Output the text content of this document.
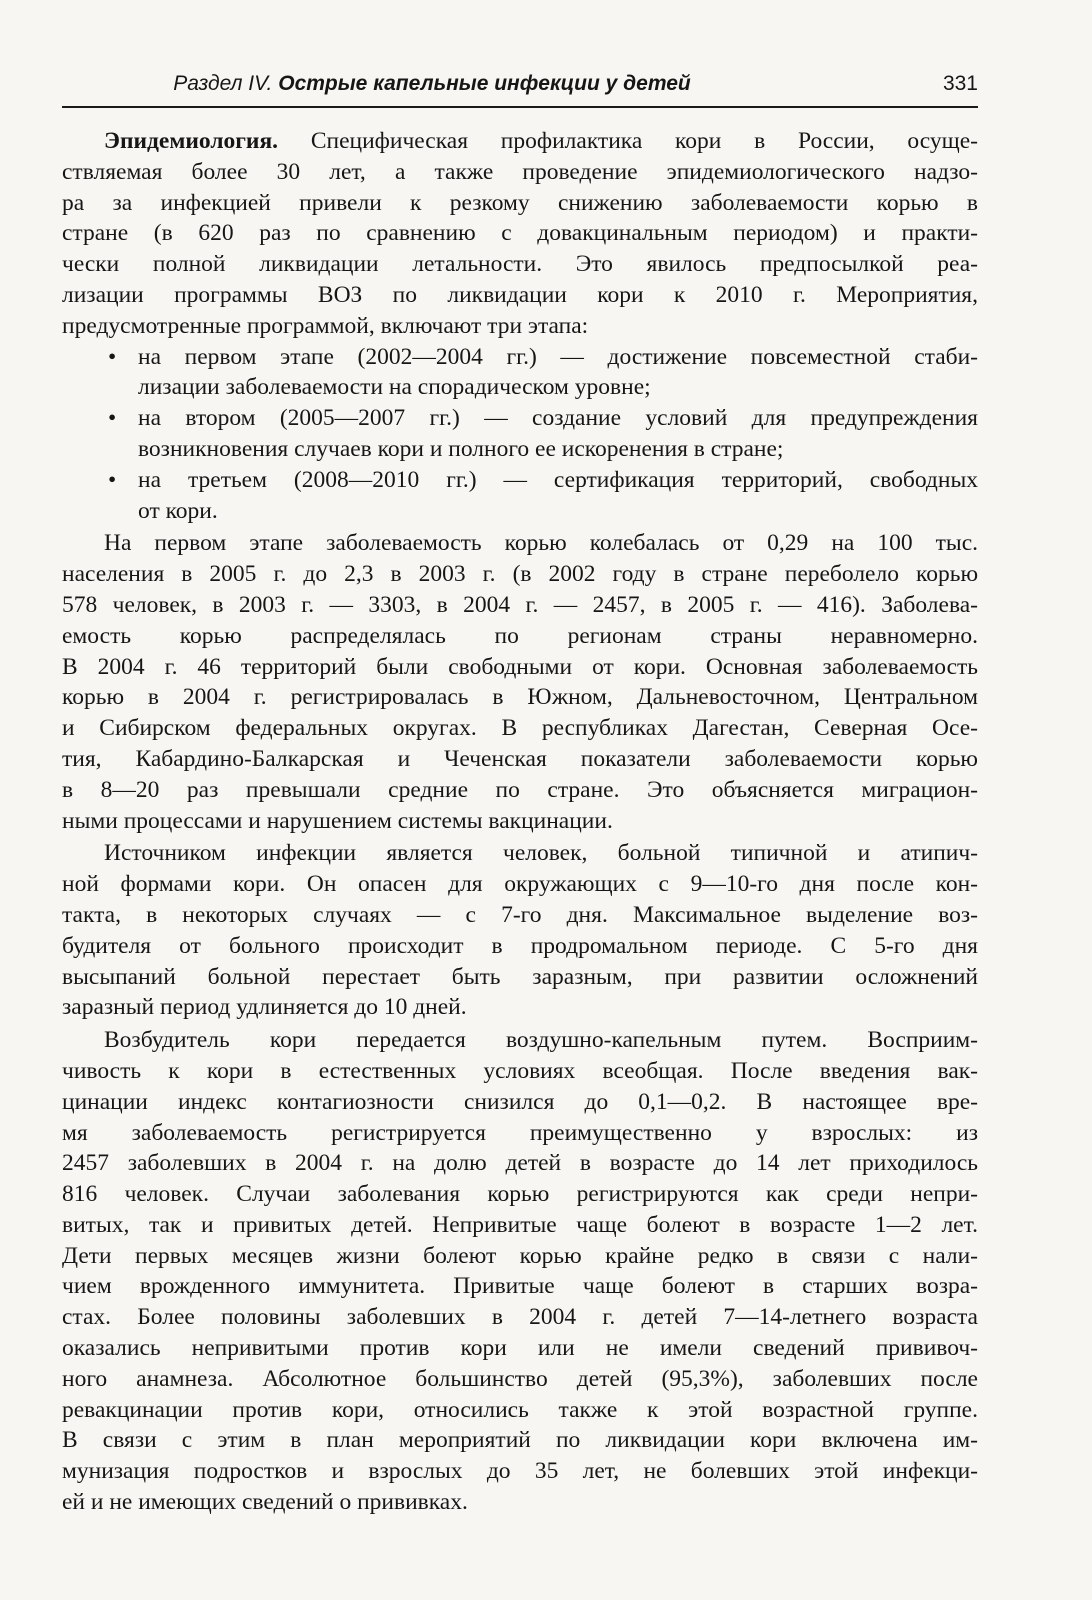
Раздел IV. Острые капельные инфекции у детей	331
Эпидемиология. Специфическая профилактика кори в России, осуще-
ствляемая более 30 лет, а также проведение эпидемиологического надзо-
ра за инфекцией привели к резкому снижению заболеваемости корью в
стране (в 620 раз по сравнению с довакцинальным периодом) и практи-
чески полной ликвидации летальности. Это явилось предпосылкой реа-
лизации программы ВОЗ по ликвидации кори к 2010 г. Мероприятия,
предусмотренные программой, включают три этапа:
• на первом этапе (2002—2004 гг.) — достижение повсеместной стаби-
лизации заболеваемости на спорадическом уровне;
• на втором (2005—2007 гг.) — создание условий для предупреждения
возникновения случаев кори и полного ее искоренения в стране;
• на третьем (2008—2010 гг.) — сертификация территорий, свободных
от кори.
На первом этапе заболеваемость корью колебалась от 0,29 на 100 тыс.
населения в 2005 г. до 2,3 в 2003 г. (в 2002 году в стране переболело корью
578 человек, в 2003 г. — 3303, в 2004 г. — 2457, в 2005 г. — 416). Заболева-
емость корью распределялась по регионам страны неравномерно.
В 2004 г. 46 территорий были свободными от кори. Основная заболеваемость
корью в 2004 г. регистрировалась в Южном, Дальневосточном, Центральном
и Сибирском федеральных округах. В республиках Дагестан, Северная Осе-
тия, Кабардино-Балкарская и Чеченская показатели заболеваемости корью
в 8—20 раз превышали средние по стране. Это объясняется миграцион-
ными процессами и нарушением системы вакцинации.
Источником инфекции является человек, больной типичной и атипич-
ной формами кори. Он опасен для окружающих с 9—10-го дня после кон-
такта, в некоторых случаях — с 7-го дня. Максимальное выделение воз-
будителя от больного происходит в продромальном периоде. С 5-го дня
высыпаний больной перестает быть заразным, при развитии осложнений
заразный период удлиняется до 10 дней.
Возбудитель кори передается воздушно-капельным путем. Восприим-
чивость к кори в естественных условиях всеобщая. После введения вак-
цинации индекс контагиозности снизился до 0,1—0,2. В настоящее вре-
мя заболеваемость регистрируется преимущественно у взрослых: из
2457 заболевших в 2004 г. на долю детей в возрасте до 14 лет приходилось
816 человек. Случаи заболевания корью регистрируются как среди непри-
витых, так и привитых детей. Непривитые чаще болеют в возрасте 1—2 лет.
Дети первых месяцев жизни болеют корью крайне редко в связи с нали-
чием врожденного иммунитета. Привитые чаще болеют в старших возра-
стах. Более половины заболевших в 2004 г. детей 7—14-летнего возраста
оказались непривитыми против кори или не имели сведений прививоч-
ного анамнеза. Абсолютное большинство детей (95,3%), заболевших после
ревакцинации против кори, относились также к этой возрастной группе.
В связи с этим в план мероприятий по ликвидации кори включена им-
мунизация подростков и взрослых до 35 лет, не болевших этой инфекци-
ей и не имеющих сведений о прививках.
